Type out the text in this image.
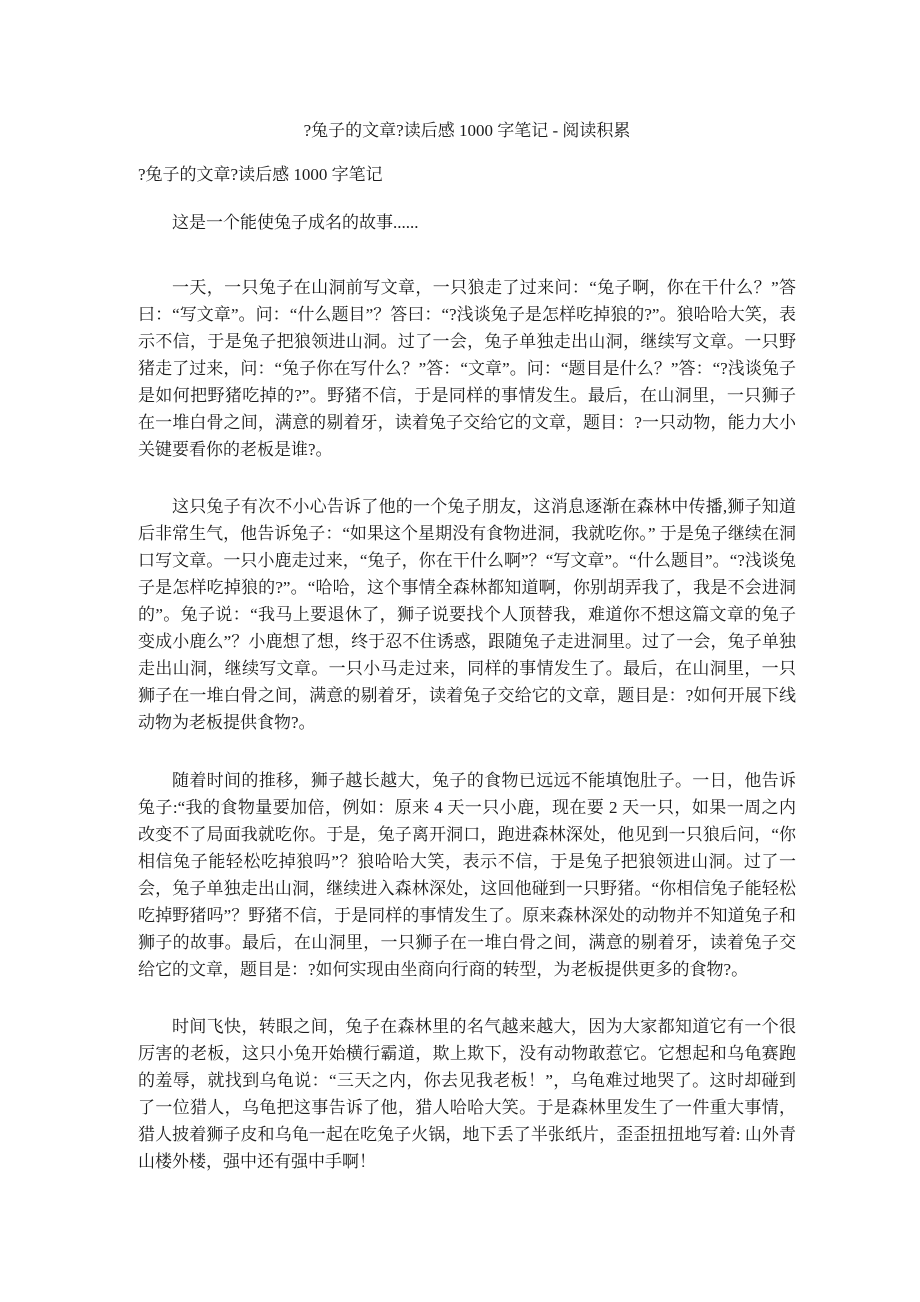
?兔子的文章?读后感 1000 字笔记 - 阅读积累
?兔子的文章?读后感 1000 字笔记

这是一个能使兔子成名的故事......

一天，一只兔子在山洞前写文章，一只狼走了过来问：“兔子啊，你在干什么？”答曰：“写文章”。问：“什么题目”？答曰：“?浅谈兔子是怎样吃掉狼的?”。狼哈哈大笑，表示不信，于是兔子把狼领进山洞。过了一会，兔子单独走出山洞，继续写文章。一只野猪走了过来，问：“兔子你在写什么？”答：“文章”。问：“题目是什么？”答：“?浅谈兔子是如何把野猪吃掉的?”。野猪不信，于是同样的事情发生。最后，在山洞里，一只狮子在一堆白骨之间，满意的剔着牙，读着兔子交给它的文章，题目：?一只动物，能力大小关键要看你的老板是谁?。

这只兔子有次不小心告诉了他的一个兔子朋友，这消息逐渐在森林中传播,狮子知道后非常生气，他告诉兔子：“如果这个星期没有食物进洞，我就吃你。” 于是兔子继续在洞口写文章。一只小鹿走过来，“兔子，你在干什么啊”？“写文章”。“什么题目”。“?浅谈兔子是怎样吃掉狼的?”。“哈哈，这个事情全森林都知道啊，你别胡弄我了，我是不会进洞的”。兔子说：“我马上要退休了，狮子说要找个人顶替我，难道你不想这篇文章的兔子变成小鹿么”？小鹿想了想，终于忍不住诱惑，跟随兔子走进洞里。过了一会，兔子单独走出山洞，继续写文章。一只小马走过来，同样的事情发生了。最后，在山洞里，一只狮子在一堆白骨之间，满意的剔着牙，读着兔子交给它的文章，题目是：?如何开展下线动物为老板提供食物?。

随着时间的推移，狮子越长越大，兔子的食物已远远不能填饱肚子。一日，他告诉兔子:“我的食物量要加倍，例如：原来 4 天一只小鹿，现在要 2 天一只，如果一周之内改变不了局面我就吃你。于是，兔子离开洞口，跑进森林深处，他见到一只狼后问，“你相信兔子能轻松吃掉狼吗”？狼哈哈大笑，表示不信，于是兔子把狼领进山洞。过了一会，兔子单独走出山洞，继续进入森林深处，这回他碰到一只野猪。“你相信兔子能轻松吃掉野猪吗”？野猪不信，于是同样的事情发生了。原来森林深处的动物并不知道兔子和狮子的故事。最后，在山洞里，一只狮子在一堆白骨之间，满意的剔着牙，读着兔子交给它的文章，题目是：?如何实现由坐商向行商的转型，为老板提供更多的食物?。

时间飞快，转眼之间，兔子在森林里的名气越来越大，因为大家都知道它有一个很厉害的老板，这只小兔开始横行霸道，欺上欺下，没有动物敢惹它。它想起和乌龟赛跑的羞辱，就找到乌龟说：“三天之内，你去见我老板！”，乌龟难过地哭了。这时却碰到了一位猎人，乌龟把这事告诉了他，猎人哈哈大笑。于是森林里发生了一件重大事情，猎人披着狮子皮和乌龟一起在吃兔子火锅，地下丢了半张纸片，歪歪扭扭地写着: 山外青山楼外楼，强中还有强中手啊！
